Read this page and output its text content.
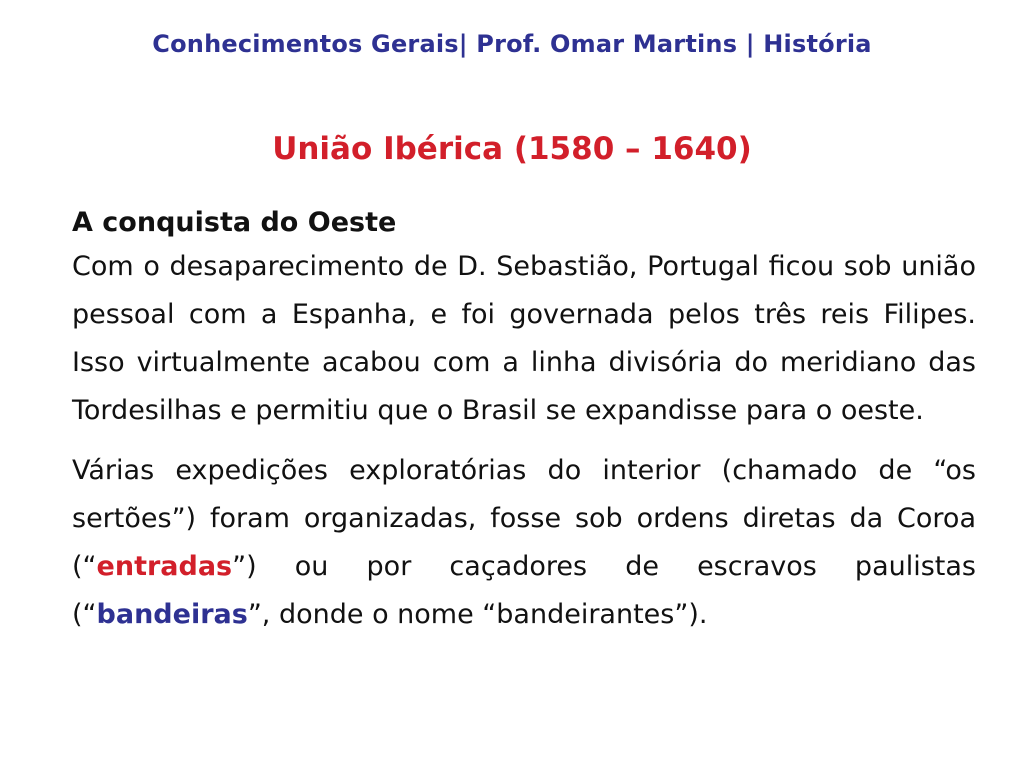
Conhecimentos Gerais| Prof. Omar Martins | História
União Ibérica (1580 – 1640)
A conquista do Oeste

Com o desaparecimento de D. Sebastião, Portugal ficou sob união pessoal com a Espanha, e foi governada pelos três reis Filipes. Isso virtualmente acabou com a linha divisória do meridiano das Tordesilhas e permitiu que o Brasil se expandisse para o oeste.

Várias expedições exploratórias do interior (chamado de “os sertões”) foram organizadas, fosse sob ordens diretas da Coroa (“entradas”) ou por caçadores de escravos paulistas (“bandeiras”, donde o nome “bandeirantes”).
